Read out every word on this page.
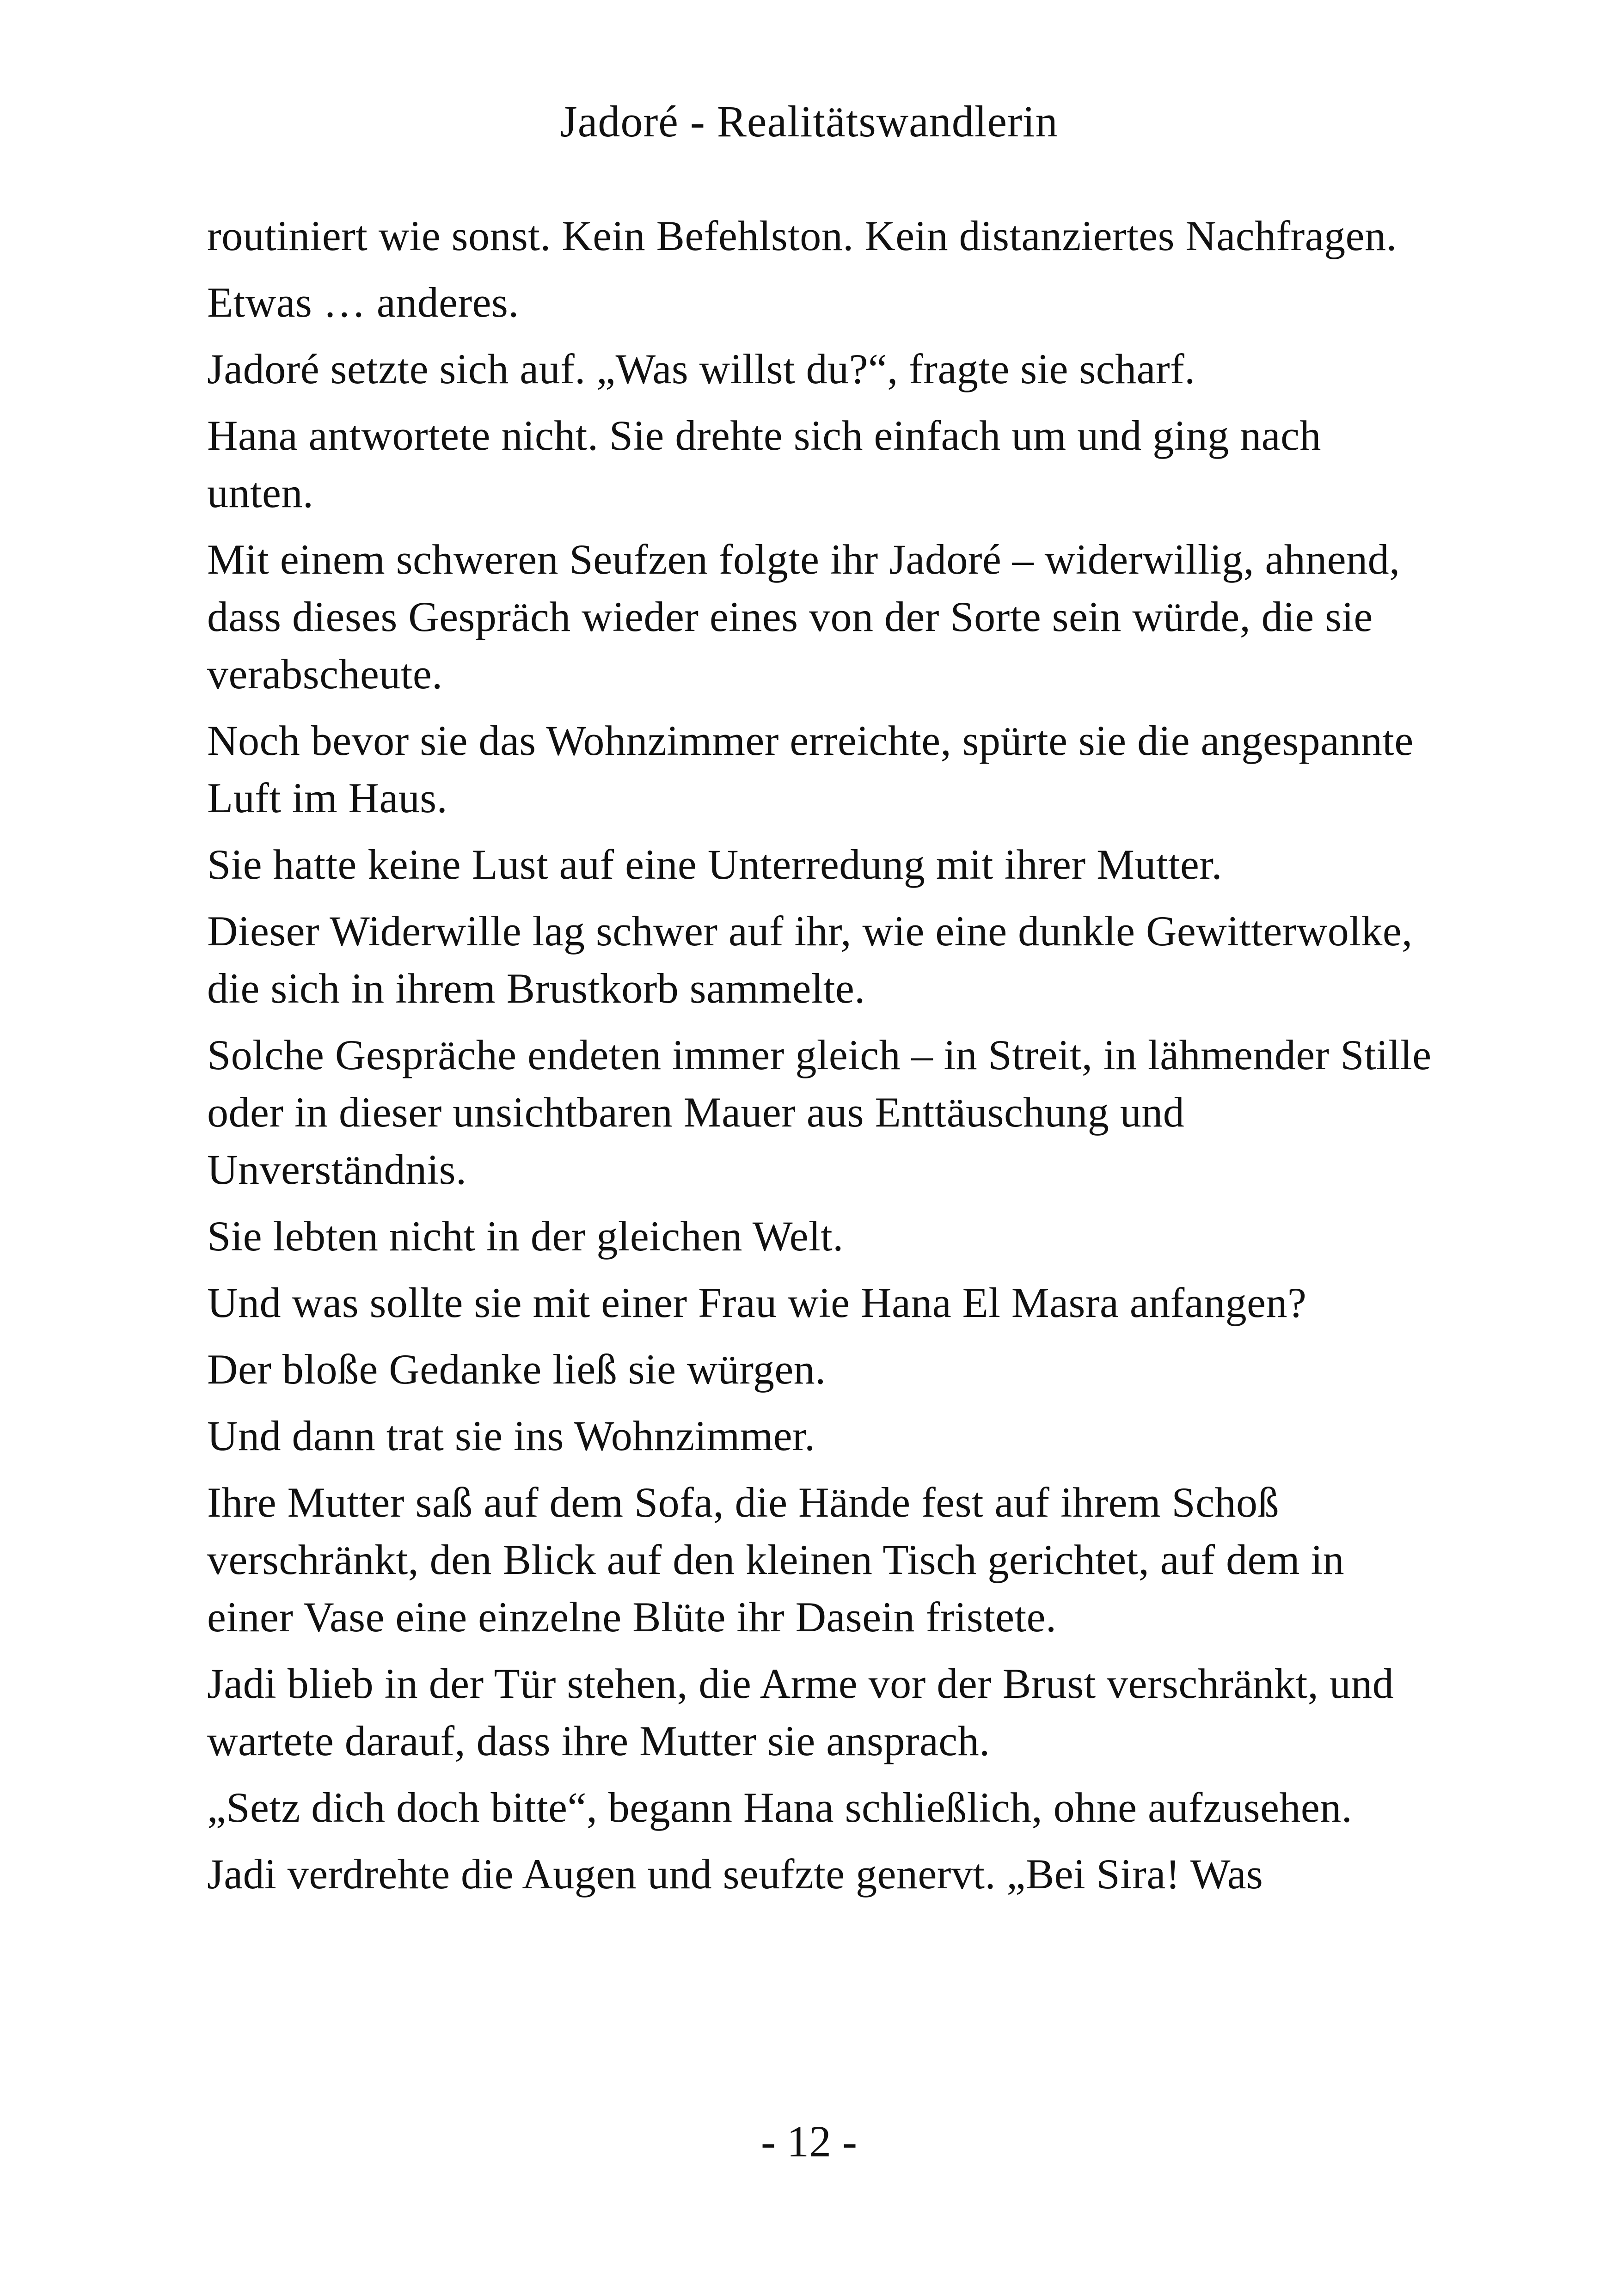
Jadoré - Realitätswandlerin

routiniert wie sonst. Kein Befehlston. Kein distanziertes Nachfragen.

Etwas … anderes.

Jadoré setzte sich auf. „Was willst du?“, fragte sie scharf.

Hana antwortete nicht. Sie drehte sich einfach um und ging nach unten.

Mit einem schweren Seufzen folgte ihr Jadoré – widerwillig, ahnend, dass dieses Gespräch wieder eines von der Sorte sein würde, die sie verabscheute.

Noch bevor sie das Wohnzimmer erreichte, spürte sie die angespannte Luft im Haus.

Sie hatte keine Lust auf eine Unterredung mit ihrer Mutter.

Dieser Widerwille lag schwer auf ihr, wie eine dunkle Gewitterwolke, die sich in ihrem Brustkorb sammelte.

Solche Gespräche endeten immer gleich – in Streit, in lähmender Stille oder in dieser unsichtbaren Mauer aus Enttäuschung und Unverständnis.

Sie lebten nicht in der gleichen Welt.

Und was sollte sie mit einer Frau wie Hana El Masra anfangen?

Der bloße Gedanke ließ sie würgen.

Und dann trat sie ins Wohnzimmer.

Ihre Mutter saß auf dem Sofa, die Hände fest auf ihrem Schoß verschränkt, den Blick auf den kleinen Tisch gerichtet, auf dem in einer Vase eine einzelne Blüte ihr Dasein fristete.

Jadi blieb in der Tür stehen, die Arme vor der Brust verschränkt, und wartete darauf, dass ihre Mutter sie ansprach.

„Setz dich doch bitte“, begann Hana schließlich, ohne aufzusehen.

Jadi verdrehte die Augen und seufzte genervt. „Bei Sira! Was

- 12 -
